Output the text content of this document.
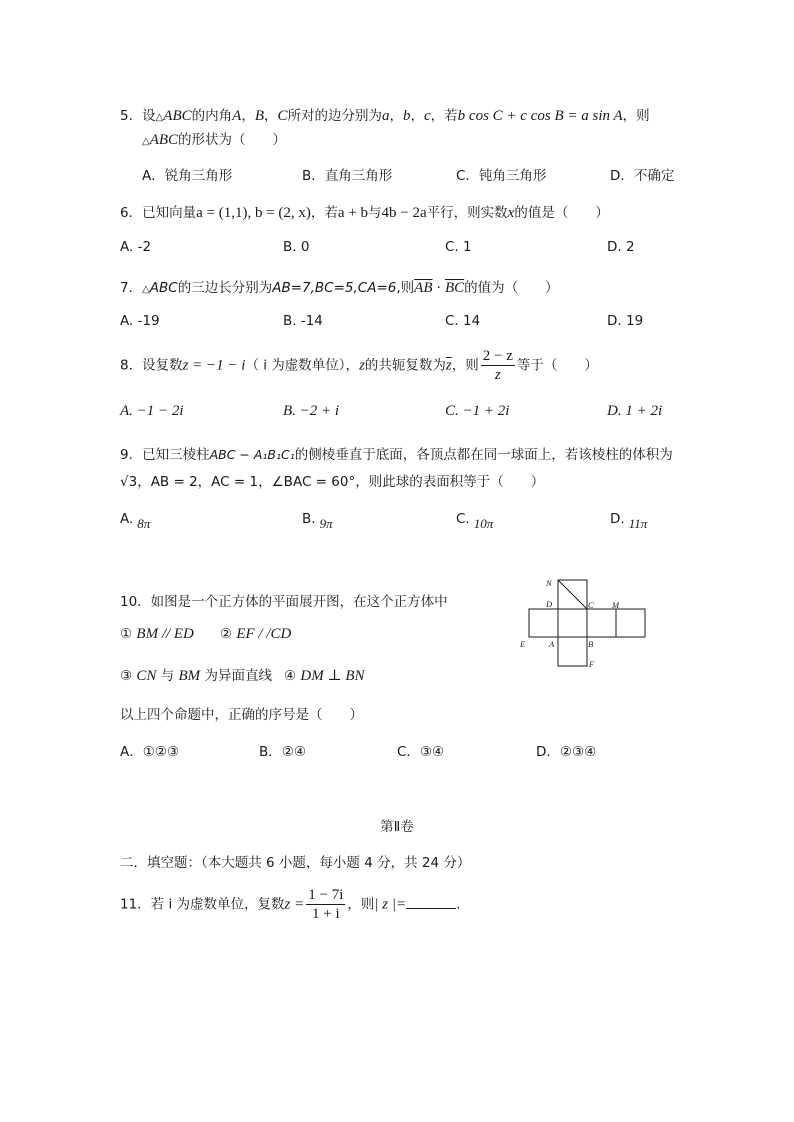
5．设△ABC的内角A，B，C所对的边分别为a，b，c，若b cos C + c cos B = a sin A，则
△ABC的形状为（　　）
A．锐角三角形	B．直角三角形	C．钝角三角形	D．不确定
6．已知向量a = (1,1), b = (2, x)，若a + b与4b − 2a平行，则实数x的值是（　　）
A. -2	B. 0	C. 1	D. 2
7．△ABC的三边长分别为AB=7,BC=5,CA=6,则$\overline{AB} \cdot \overline{BC}$的值为（　　）
A. -19	B. -14	C. 14	D. 19
8．设复数z = −1 − i（ i 为虚数单位），z的共轭复数为$\overline{z}$，则 $\frac{2 - z}{z}$ 等于（　　）
A. −1 − 2i	B. −2 + i	C. −1 + 2i	D. 1 + 2i
9．已知三棱柱ABC − A₁B₁C₁的侧棱垂直于底面，各顶点都在同一球面上，若该棱柱的体积为
√3，AB = 2，AC = 1，∠BAC = 60°，则此球的表面积等于（　　）
A. 8π	B. 9π	C. 10π	D. 11π
10．如图是一个正方体的平面展开图，在这个正方体中
① BM // ED ② EF / /CD
③ CN 与 BM 为异面直线 ④ DM ⊥ BN
以上四个命题中，正确的序号是（　　）
A．①②③	B．②④	C．③④	D．②③④
N
D	C M
E	A	B
F
第Ⅱ卷
二．填空题：（本大题共 6 小题，每小题 4 分，共 24 分）
11．若 i 为虚数单位，复数$z = \frac{1 - 7i}{1 + i}$ ，则| z |=	.
